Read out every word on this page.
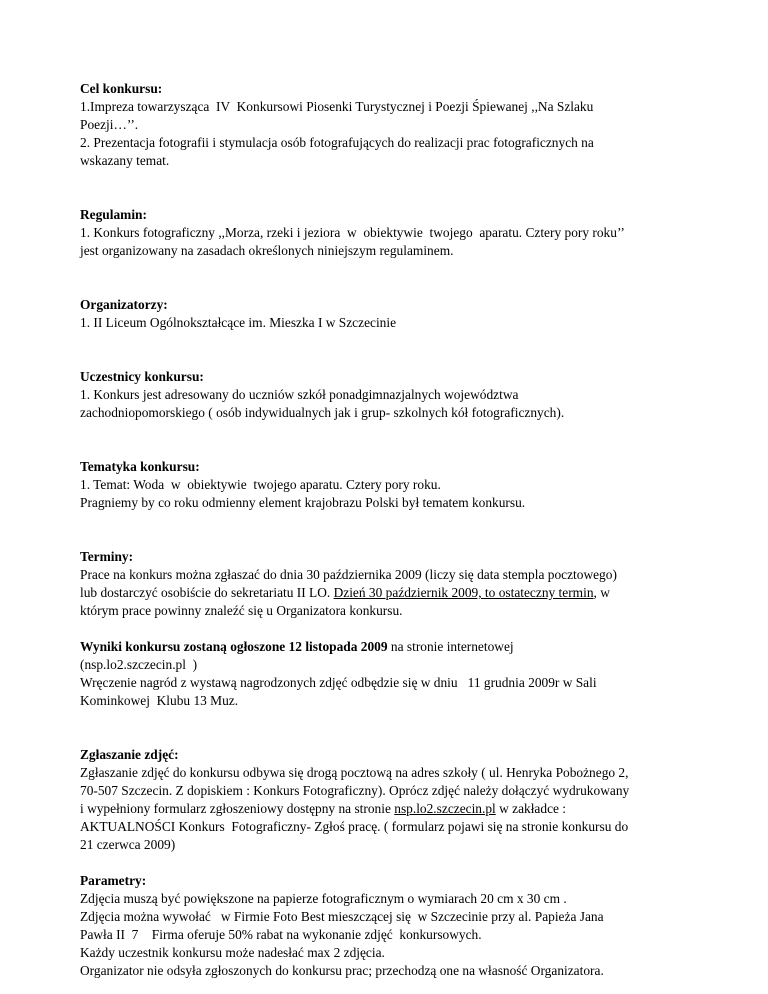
Cel konkursu:

1.Impreza towarzysząca  IV  Konkursowi Piosenki Turystycznej i Poezji Śpiewanej ,,Na Szlaku

Poezji…’’.

2. Prezentacja fotografii i stymulacja osób fotografujących do realizacji prac fotograficznych na

wskazany temat.

Regulamin:

1. Konkurs fotograficzny ,,Morza, rzeki i jeziora  w  obiektywie  twojego  aparatu. Cztery pory roku’’

jest organizowany na zasadach określonych niniejszym regulaminem.

Organizatorzy:

1. II Liceum Ogólnokształcące im. Mieszka I w Szczecinie

Uczestnicy konkursu:

1. Konkurs jest adresowany do uczniów szkół ponadgimnazjalnych województwa

zachodniopomorskiego ( osób indywidualnych jak i grup- szkolnych kół fotograficznych).

Tematyka konkursu:

1. Temat: Woda  w  obiektywie  twojego aparatu. Cztery pory roku.

Pragniemy by co roku odmienny element krajobrazu Polski był tematem konkursu.

Terminy:

Prace na konkurs można zgłaszać do dnia 30 października 2009 (liczy się data stempla pocztowego)

lub dostarczyć osobiście do sekretariatu II LO. Dzień 30 październik 2009, to ostateczny termin, w

którym prace powinny znaleźć się u Organizatora konkursu.

Wyniki konkursu zostaną ogłoszone 12 listopada 2009 na stronie internetowej

(nsp.lo2.szczecin.pl  )

Wręczenie nagród z wystawą nagrodzonych zdjęć odbędzie się w dniu   11 grudnia 2009r w Sali

Kominkowej  Klubu 13 Muz.

Zgłaszanie zdjęć:

Zgłaszanie zdjęć do konkursu odbywa się drogą pocztową na adres szkoły ( ul. Henryka Pobożnego 2,

70-507 Szczecin. Z dopiskiem : Konkurs Fotograficzny). Oprócz zdjęć należy dołączyć wydrukowany

i wypełniony formularz zgłoszeniowy dostępny na stronie nsp.lo2.szczecin.pl w zakładce :

AKTUALNOŚCI Konkurs  Fotograficzny- Zgłoś pracę. ( formularz pojawi się na stronie konkursu do

21 czerwca 2009)

Parametry:

Zdjęcia muszą być powiększone na papierze fotograficznym o wymiarach 20 cm x 30 cm .

Zdjęcia można wywołać   w Firmie Foto Best mieszczącej się  w Szczecinie przy al. Papieża Jana

Pawła II  7    Firma oferuje 50% rabat na wykonanie zdjęć  konkursowych.

Każdy uczestnik konkursu może nadesłać max 2 zdjęcia.

Organizator nie odsyła zgłoszonych do konkursu prac; przechodzą one na własność Organizatora.
